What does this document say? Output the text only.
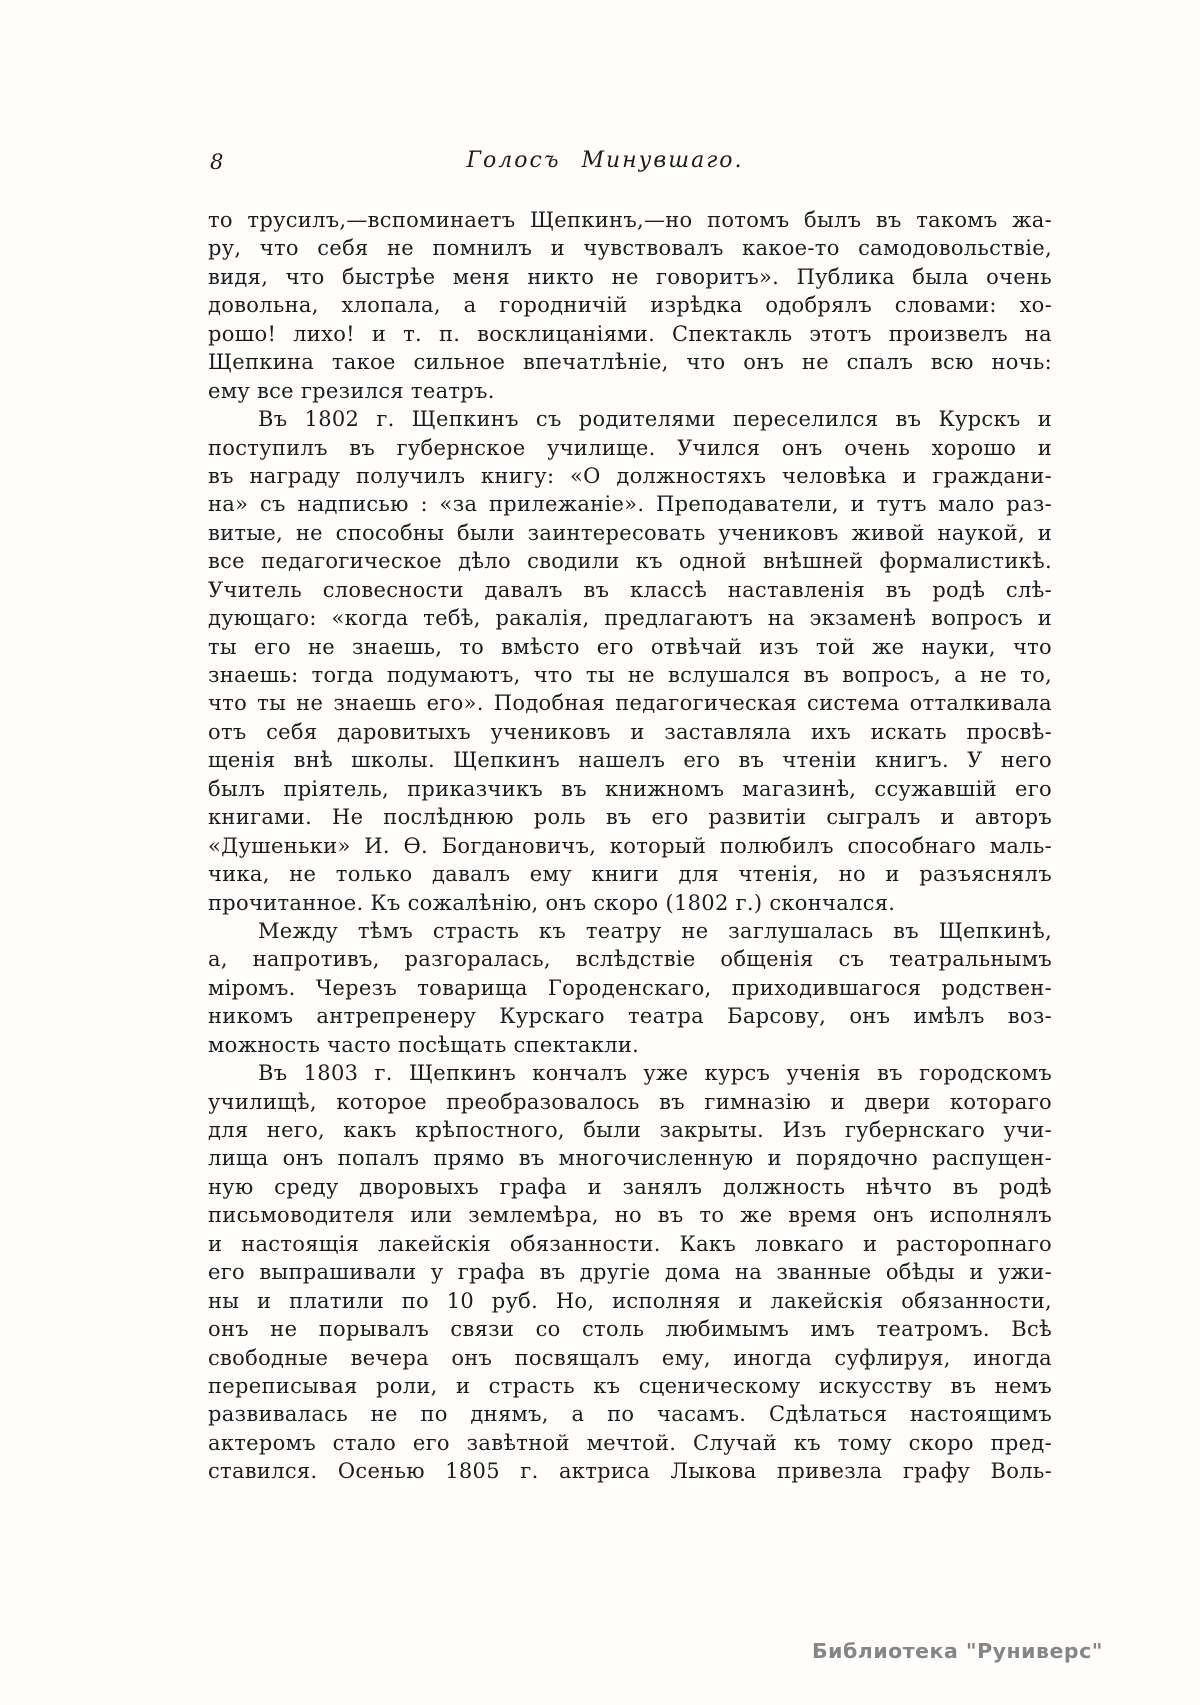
8	Голосъ Минувшаго.
то трусилъ,—вспоминаетъ Щепкинъ,—но потомъ былъ въ такомъ жа-
ру, что себя не помнилъ и чувствовалъ какое-то самодовольствіе,
видя, что быстрѣе меня никто не говоритъ». Публика была очень
довольна, хлопала, а городничій изрѣдка одобрялъ словами: хо-
рошо! лихо! и т. п. восклицаніями. Спектакль этотъ произвелъ на
Щепкина такое сильное впечатлѣніе, что онъ не спалъ всю ночь:
ему все грезился театръ.
Въ 1802 г. Щепкинъ съ родителями переселился въ Курскъ и
поступилъ въ губернское училище. Учился онъ очень хорошо и
въ награду получилъ книгу: «О должностяхъ человѣка и граждани-
на» съ надписью : «за прилежаніе». Преподаватели, и тутъ мало раз-
витые, не способны были заинтересовать учениковъ живой наукой, и
все педагогическое дѣло сводили къ одной внѣшней формалистикѣ.
Учитель словесности давалъ въ классѣ наставленія въ родѣ слѣ-
дующаго: «когда тебѣ, ракалія, предлагаютъ на экзаменѣ вопросъ и
ты его не знаешь, то вмѣсто его отвѣчай изъ той же науки, что
знаешь: тогда подумаютъ, что ты не вслушался въ вопросъ, а не то,
что ты не знаешь его». Подобная педагогическая система отталкивала
отъ себя даровитыхъ учениковъ и заставляла ихъ искать просвѣ-
щенія внѣ школы. Щепкинъ нашелъ его въ чтеніи книгъ. У него
былъ пріятель, приказчикъ въ книжномъ магазинѣ, ссужавшій его
книгами. Не послѣднюю роль въ его развитіи сыгралъ и авторъ
«Душеньки» И. Ѳ. Богдановичъ, который полюбилъ способнаго маль-
чика, не только давалъ ему книги для чтенія, но и разъяснялъ
прочитанное. Къ сожалѣнію, онъ скоро (1802 г.) скончался.
Между тѣмъ страсть къ театру не заглушалась въ Щепкинѣ,
а, напротивъ, разгоралась, вслѣдствіе общенія съ театральнымъ
міромъ. Черезъ товарища Городенскаго, приходившагося родствен-
никомъ антрепренеру Курскаго театра Барсову, онъ имѣлъ воз-
можность часто посѣщать спектакли.
Въ 1803 г. Щепкинъ кончалъ уже курсъ ученія въ городскомъ
училищѣ, которое преобразовалось въ гимназію и двери котораго
для него, какъ крѣпостного, были закрыты. Изъ губернскаго учи-
лища онъ попалъ прямо въ многочисленную и порядочно распущен-
ную среду дворовыхъ графа и занялъ должность нѣчто въ родѣ
письмоводителя или землемѣра, но въ то же время онъ исполнялъ
и настоящія лакейскія обязанности. Какъ ловкаго и расторопнаго
его выпрашивали у графа въ другіе дома на званные обѣды и ужи-
ны и платили по 10 руб. Но, исполняя и лакейскія обязанности,
онъ не порывалъ связи со столь любимымъ имъ театромъ. Всѣ
свободные вечера онъ посвящалъ ему, иногда суфлируя, иногда
переписывая роли, и страсть къ сценическому искусству въ немъ
развивалась не по днямъ, а по часамъ. Сдѣлаться настоящимъ
актеромъ стало его завѣтной мечтой. Случай къ тому скоро пред-
ставился. Осенью 1805 г. актриса Лыкова привезла графу Воль-
Библиотека "Руниверс"
